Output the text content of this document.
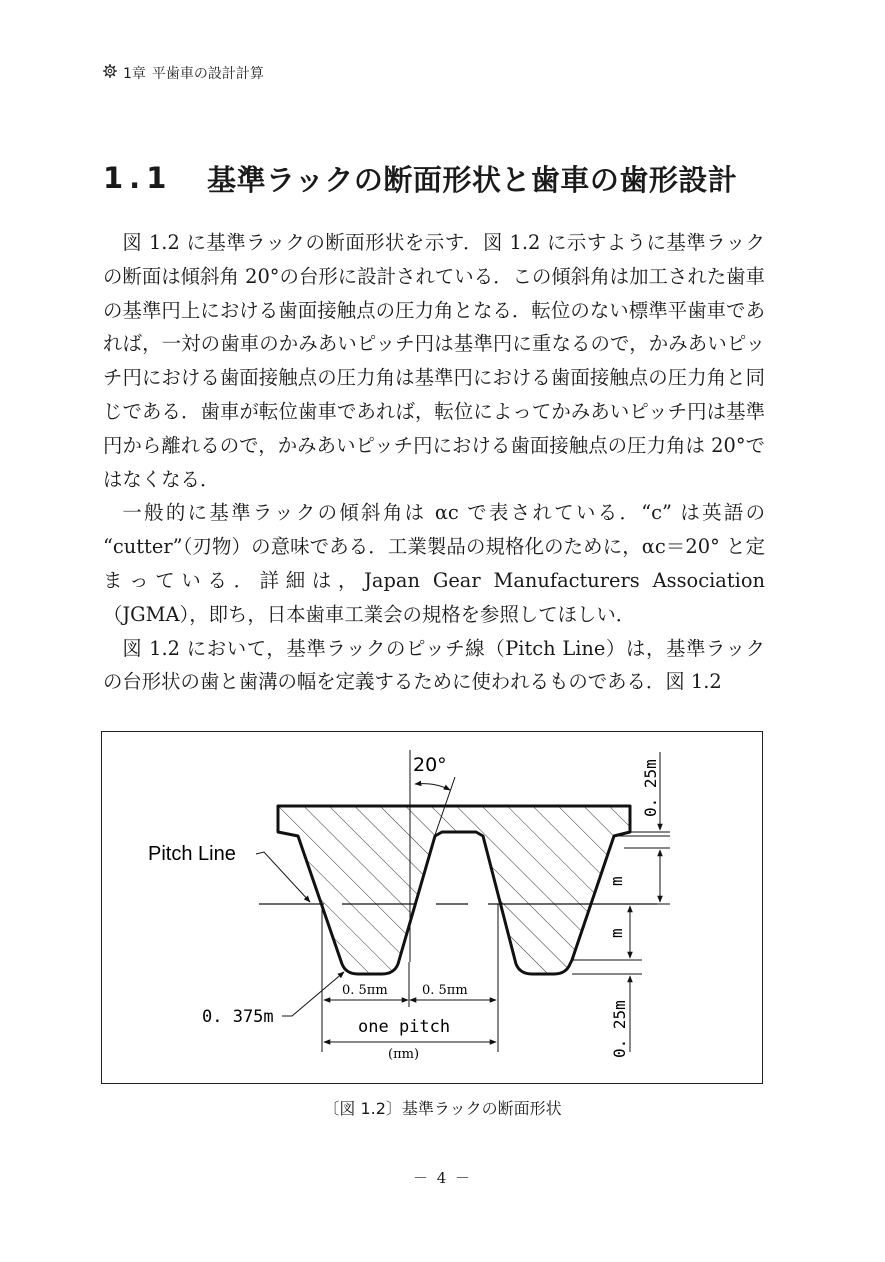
1章 平歯車の設計計算
1.1	基準ラックの断面形状と歯車の歯形設計

図 1.2 に基準ラックの断面形状を示す．図 1.2 に示すように基準ラックの断面は傾斜角 20°の台形に設計されている．この傾斜角は加工された歯車の基準円上における歯面接触点の圧力角となる．転位のない標準平歯車であれば，一対の歯車のかみあいピッチ円は基準円に重なるので，かみあいピッチ円における歯面接触点の圧力角は基準円における歯面接触点の圧力角と同じである．歯車が転位歯車であれば，転位によってかみあいピッチ円は基準円から離れるので，かみあいピッチ円における歯面接触点の圧力角は 20°ではなくなる．

一般的に基準ラックの傾斜角は αc で表されている．“c” は英語の “cutter”（刃物）の意味である．工業製品の規格化のために，αc＝20° と定まっている．詳細は，Japan Gear Manufacturers Association（JGMA），即ち，日本歯車工業会の規格を参照してほしい．

図 1.2 において，基準ラックのピッチ線（Pitch Line）は，基準ラックの台形状の歯と歯溝の幅を定義するために使われるものである．図 1.2

20°
Pitch Line
0. 375m
0. 5πm	0. 5πm
one pitch
(πm)
0. 25m
m
m
0. 25m
〔図 1.2〕基準ラックの断面形状
－ 4 －
